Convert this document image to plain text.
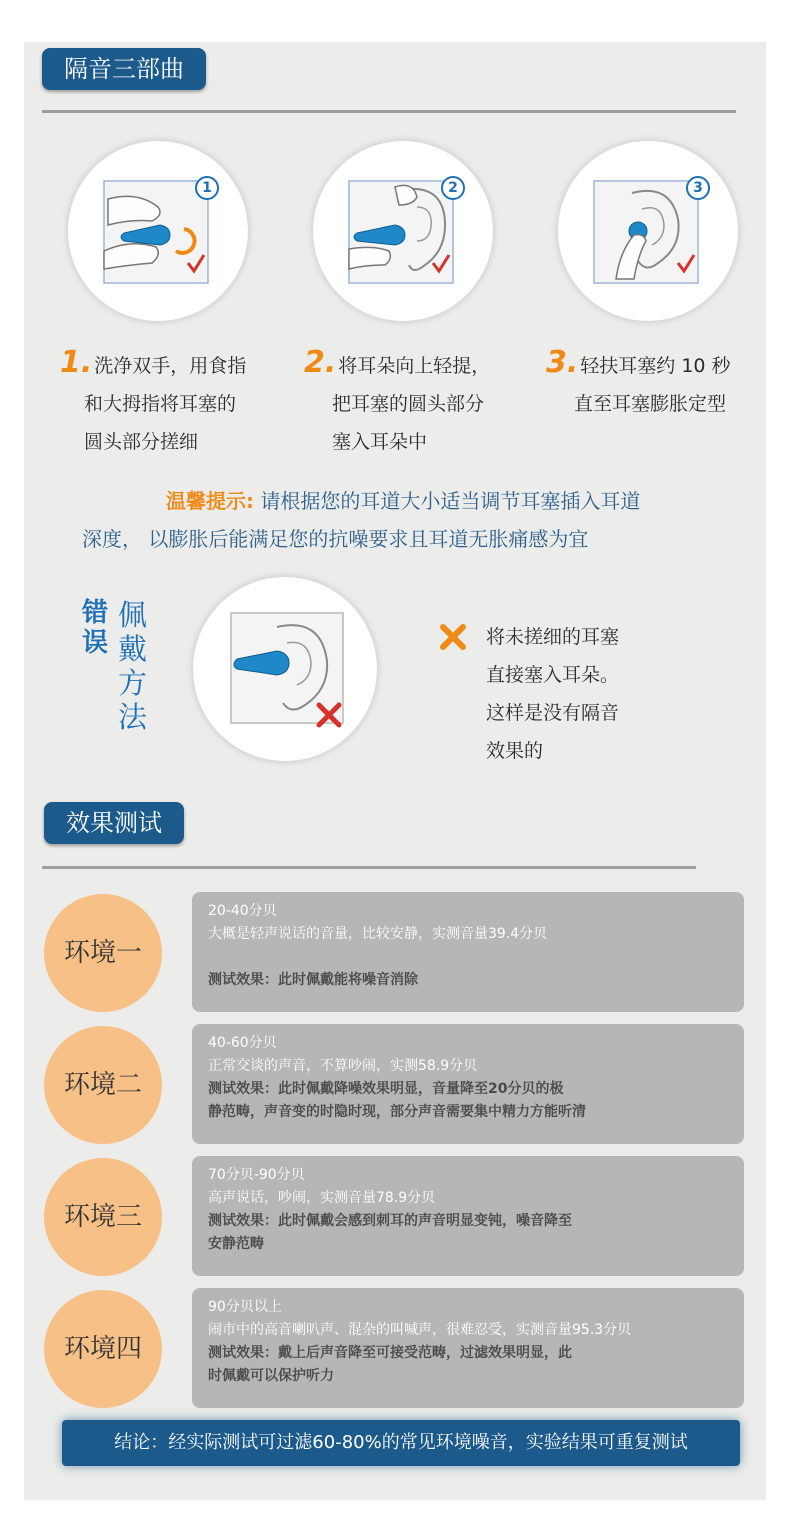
隔音三部曲
1	2	3
1. 洗净双手，用食指
和大拇指将耳塞的
圆头部分搓细
2. 将耳朵向上轻提，
把耳塞的圆头部分
塞入耳朵中
3. 轻扶耳塞约 10 秒
直至耳塞膨胀定型
温馨提示: 请根据您的耳道大小适当调节耳塞插入耳道
深度， 以膨胀后能满足您的抗噪要求且耳道无胀痛感为宜
错误
佩戴方法
将未搓细的耳塞
直接塞入耳朵。
这样是没有隔音
效果的
效果测试
环境一
20-40分贝
大概是轻声说话的音量，比较安静，实测音量39.4分贝
测试效果：此时佩戴能将噪音消除
环境二
40-60分贝
正常交谈的声音，不算吵闹，实测58.9分贝
测试效果：此时佩戴降噪效果明显，音量降至20分贝的极
静范畴，声音变的时隐时现，部分声音需要集中精力方能听清
环境三
70分贝-90分贝
高声说话，吵闹，实测音量78.9分贝
测试效果：此时佩戴会感到刺耳的声音明显变钝，噪音降至
安静范畴
环境四
90分贝以上
闹市中的高音喇叭声、混杂的叫喊声，很难忍受，实测音量95.3分贝
测试效果：戴上后声音降至可接受范畴，过滤效果明显，此
时佩戴可以保护听力
结论：经实际测试可过滤60-80%的常见环境噪音，实验结果可重复测试
